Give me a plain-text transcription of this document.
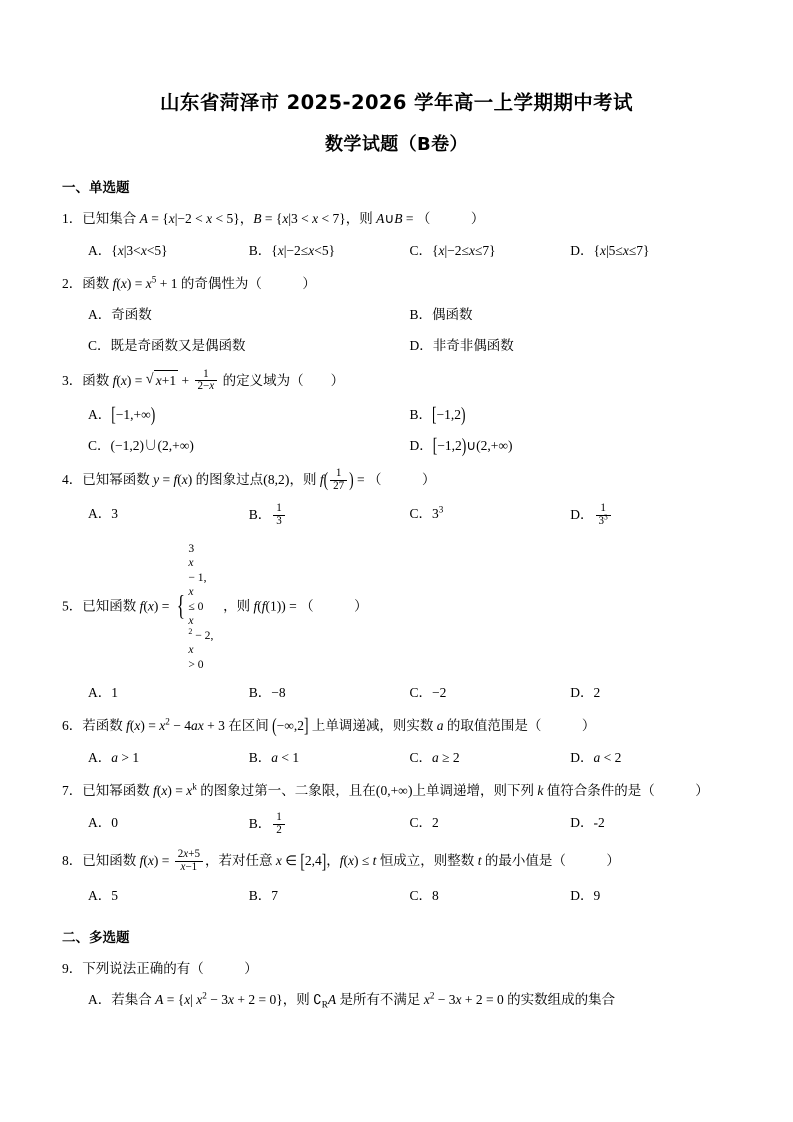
山东省菏泽市 2025-2026 学年高一上学期期中考试
数学试题（B卷）
一、单选题
1．已知集合 A = {x|−2 < x < 5}，B = {x|3 < x < 7}，则 A∪B = （　　　）
A．{x|3<x<5}	B．{x|−2≤x<5}	C．{x|−2≤x≤7}	D．{x|5≤x≤7}
2．函数 $f(x) = x^5 + 1$ 的奇偶性为（　　　）
A．奇函数	B．偶函数
C．既是奇函数又是偶函数	D．非奇非偶函数
3．函数 f(x) = √ $x+1 + \frac{1}{2-x}$ 的定义域为（　　）
A．[−1,+∞)	B．[−1,2)
C．(−1,2)∪(2,+∞)	D．[−1,2)∪(2,+∞)
4．已知幂函数 y = f(x) 的图象过点(8,2)，则 $f( \frac{1}{27}$ ) = （　　　）
A．3	B． $\frac{1}{3}$	C．$3^3$	D． $\frac{1}{3^3}$
5．已知函数 f(x) = {
3
x
− 1,
x
≤ 0
x
$^2$ − 2,
x
> 0
，则 f(f(1)) = （　　　）
A．1	B．−8	C．−2	D．2
6．若函数 $f(x) = x^2 - 4ax + 3$ 在区间 (−∞,2] 上单调递减，则实数 a 的取值范围是（　　　）
A．a > 1	B．a < 1	C．a ≥ 2	D．a < 2
7．已知幂函数 $f(x) = x^k$ 的图象过第一、二象限，且在(0,+∞)上单调递增，则下列 k 值符合条件的是（　　　）
A．0	B． $\frac{1}{2}$	C．2	D．-2
8．已知函数 $f(x) = \frac{2x+5}{x-1}$ ，若对任意 x ∈ [2,4]，f(x) ≤ t 恒成立，则整数 t 的最小值是（　　　）
A．5	B．7	C．8	D．9
二、多选题
9．下列说法正确的有（　　　）
A．若集合 A = {x| $x^2 - 3x + 2 = 0$}，则 $∁_RA$ 是所有不满足 $x^2 - 3x + 2 = 0$ 的实数组成的集合
